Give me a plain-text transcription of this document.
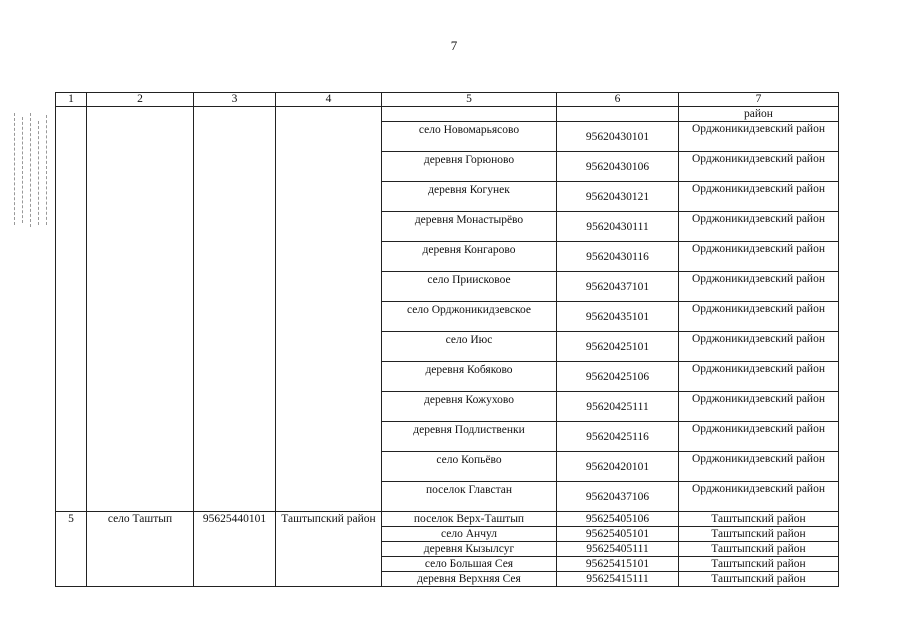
7
1	2	3	4	5	6	7
						район

				село Новомарьясово	95620430101	Орджоникидзевский район

				деревня Горюново	95620430106	Орджоникидзевский район

				деревня Когунек	95620430121	Орджоникидзевский район

				деревня Монастырёво	95620430111	Орджоникидзевский район

				деревня Конгарово	95620430116	Орджоникидзевский район

				село Приисковое	95620437101	Орджоникидзевский район

				село Орджоникидзевское	95620435101	Орджоникидзевский район

				село Июс	95620425101	Орджоникидзевский район

				деревня Кобяково	95620425106	Орджоникидзевский район

				деревня Кожухово	95620425111	Орджоникидзевский район

				деревня Подлиственки	95620425116	Орджоникидзевский район

				село Копьёво	95620420101	Орджоникидзевский район

				поселок Главстан	95620437106	Орджоникидзевский район
5	село Таштып	95625440101	Таштыпский район	поселок Верх-Таштып	95625405106	Таштыпский район
				село Анчул	95625405101	Таштыпский район
				деревня Кызылсуг	95625405111	Таштыпский район
				село Большая Сея	95625415101	Таштыпский район
				деревня Верхняя Сея	95625415111	Таштыпский район
